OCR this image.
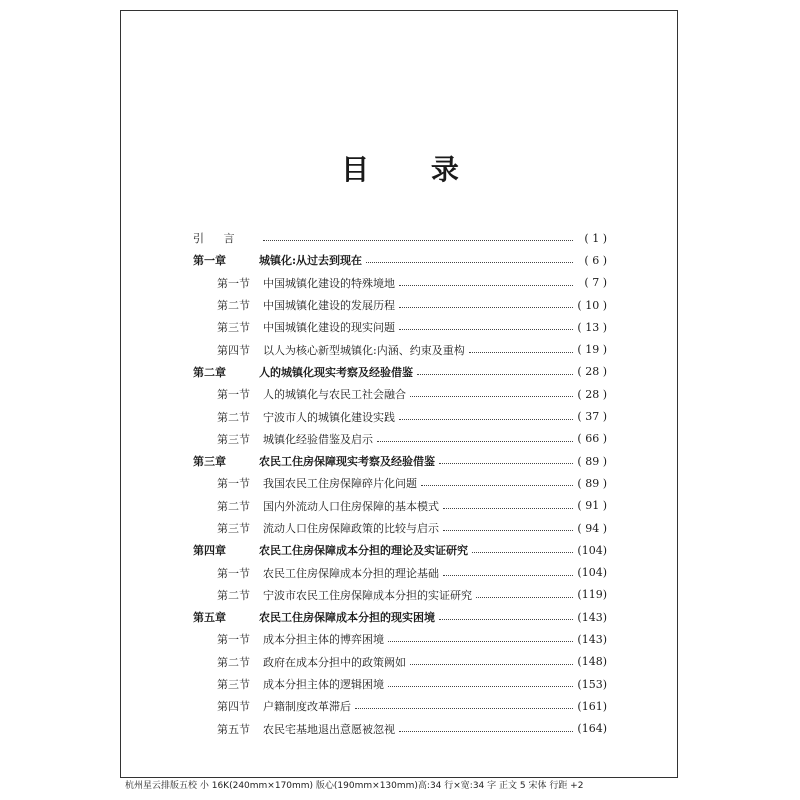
目 录
引 言	( 1 )
第一章	城镇化:从过去到现在	( 6 )
第一节	中国城镇化建设的特殊境地	( 7 )
第二节	中国城镇化建设的发展历程	( 10 )
第三节	中国城镇化建设的现实问题	( 13 )
第四节	以人为核心新型城镇化:内涵、约束及重构	( 19 )
第二章	人的城镇化现实考察及经验借鉴	( 28 )
第一节	人的城镇化与农民工社会融合	( 28 )
第二节	宁波市人的城镇化建设实践	( 37 )
第三节	城镇化经验借鉴及启示	( 66 )
第三章	农民工住房保障现实考察及经验借鉴	( 89 )
第一节	我国农民工住房保障碎片化问题	( 89 )
第二节	国内外流动人口住房保障的基本模式	( 91 )
第三节	流动人口住房保障政策的比较与启示	( 94 )
第四章	农民工住房保障成本分担的理论及实证研究	(104)
第一节	农民工住房保障成本分担的理论基础	(104)
第二节	宁波市农民工住房保障成本分担的实证研究	(119)
第五章	农民工住房保障成本分担的现实困境	(143)
第一节	成本分担主体的博弈困境	(143)
第二节	政府在成本分担中的政策阙如	(148)
第三节	成本分担主体的逻辑困境	(153)
第四节	户籍制度改革滞后	(161)
第五节	农民宅基地退出意愿被忽视	(164)
杭州星云排版五校 小 16K(240mm×170mm) 版心(190mm×130mm)高:34 行×宽:34 字 正文 5 宋体 行距 +2
